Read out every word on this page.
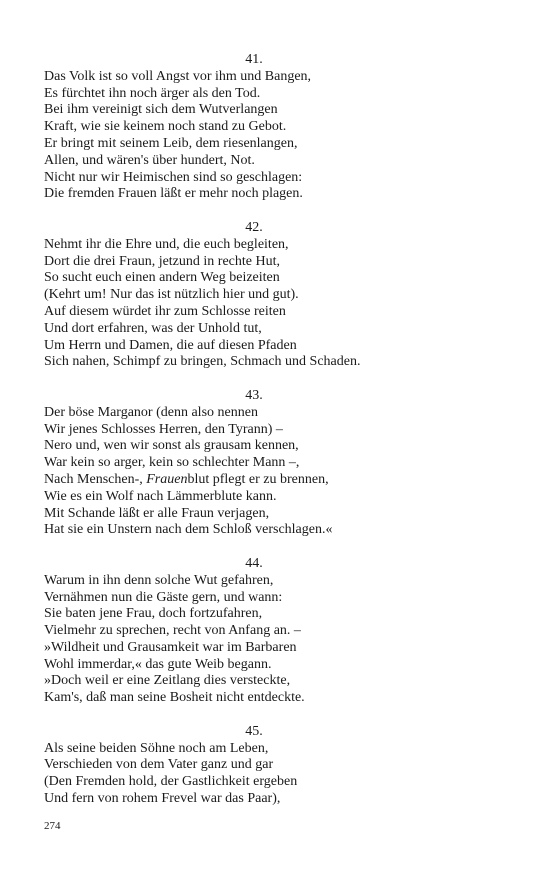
41.
Das Volk ist so voll Angst vor ihm und Bangen,
Es fürchtet ihn noch ärger als den Tod.
Bei ihm vereinigt sich dem Wutverlangen
Kraft, wie sie keinem noch stand zu Gebot.
Er bringt mit seinem Leib, dem riesenlangen,
Allen, und wären's über hundert, Not.
Nicht nur wir Heimischen sind so geschlagen:
Die fremden Frauen läßt er mehr noch plagen.
42.
Nehmt ihr die Ehre und, die euch begleiten,
Dort die drei Fraun, jetzund in rechte Hut,
So sucht euch einen andern Weg beizeiten
(Kehrt um! Nur das ist nützlich hier und gut).
Auf diesem würdet ihr zum Schlosse reiten
Und dort erfahren, was der Unhold tut,
Um Herrn und Damen, die auf diesen Pfaden
Sich nahen, Schimpf zu bringen, Schmach und Schaden.
43.
Der böse Marganor (denn also nennen
Wir jenes Schlosses Herren, den Tyrann) –
Nero und, wen wir sonst als grausam kennen,
War kein so arger, kein so schlechter Mann –,
Nach Menschen-, Frauenblut pflegt er zu brennen,
Wie es ein Wolf nach Lämmerblute kann.
Mit Schande läßt er alle Fraun verjagen,
Hat sie ein Unstern nach dem Schloß verschlagen.«
44.
Warum in ihn denn solche Wut gefahren,
Vernähmen nun die Gäste gern, und wann:
Sie baten jene Frau, doch fortzufahren,
Vielmehr zu sprechen, recht von Anfang an. –
»Wildheit und Grausamkeit war im Barbaren
Wohl immerdar,« das gute Weib begann.
»Doch weil er eine Zeitlang dies versteckte,
Kam's, daß man seine Bosheit nicht entdeckte.
45.
Als seine beiden Söhne noch am Leben,
Verschieden von dem Vater ganz und gar
(Den Fremden hold, der Gastlichkeit ergeben
Und fern von rohem Frevel war das Paar),
274
